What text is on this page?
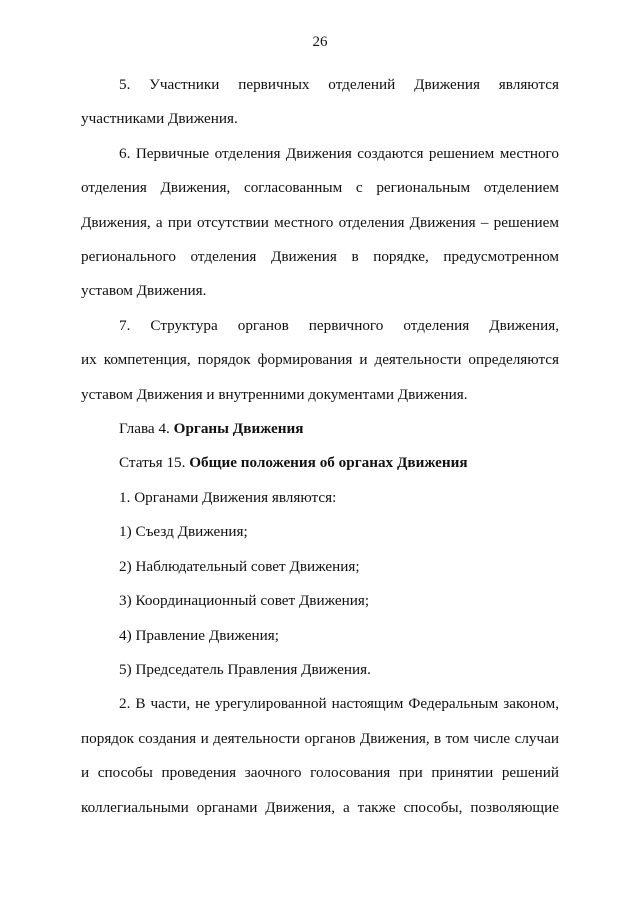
26
5. Участники первичных отделений Движения являются

участниками Движения.

6. Первичные отделения Движения создаются решением местного отделения Движения, согласованным с региональным отделением Движения, а при отсутствии местного отделения Движения – решением регионального отделения Движения в порядке, предусмотренном уставом Движения.

7. Структура органов первичного отделения Движения,

их компетенция, порядок формирования и деятельности определяются уставом Движения и внутренними документами Движения.

Глава 4. Органы Движения

Статья 15. Общие положения об органах Движения

1. Органами Движения являются:

1) Съезд Движения;

2) Наблюдательный совет Движения;

3) Координационный совет Движения;

4) Правление Движения;

5) Председатель Правления Движения.

2. В части, не урегулированной настоящим Федеральным законом, порядок создания и деятельности органов Движения, в том числе случаи и способы проведения заочного голосования при принятии решений коллегиальными органами Движения, а также способы, позволяющие
